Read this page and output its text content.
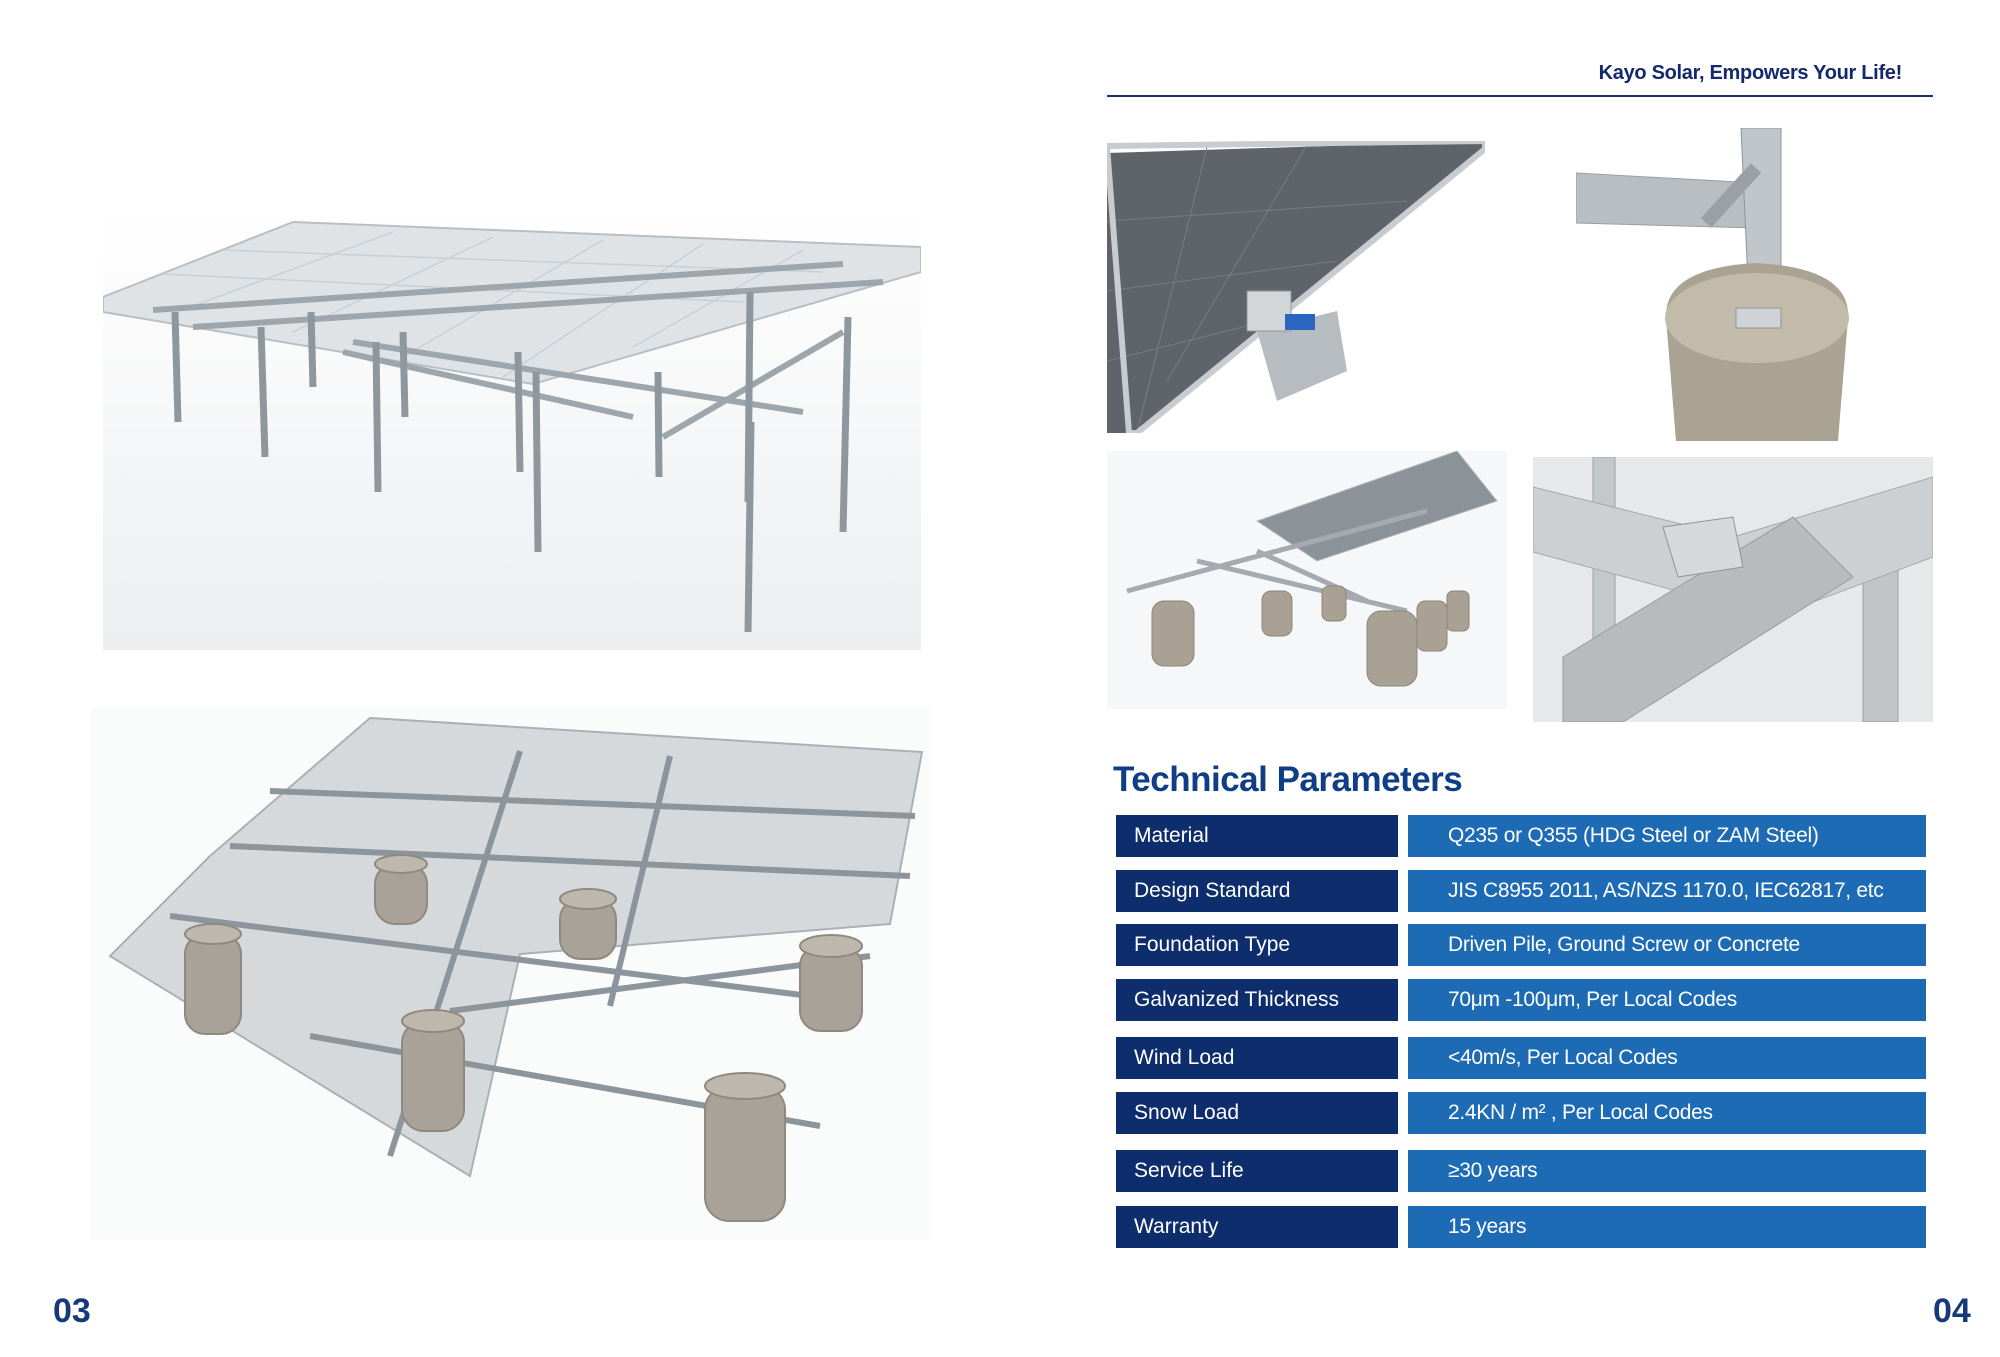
Kayo Solar, Empowers Your Life!
Technical Parameters
Material	Q235 or Q355 (HDG Steel or ZAM Steel)
Design Standard	JIS C8955 2011, AS/NZS 1170.0, IEC62817, etc
Foundation Type	Driven Pile, Ground Screw or Concrete
Galvanized Thickness	70μm -100μm, Per Local Codes
Wind Load	<40m/s, Per Local Codes
Snow Load	2.4KN / m² , Per Local Codes
Service Life	≥30 years
Warranty	15 years
03	04
